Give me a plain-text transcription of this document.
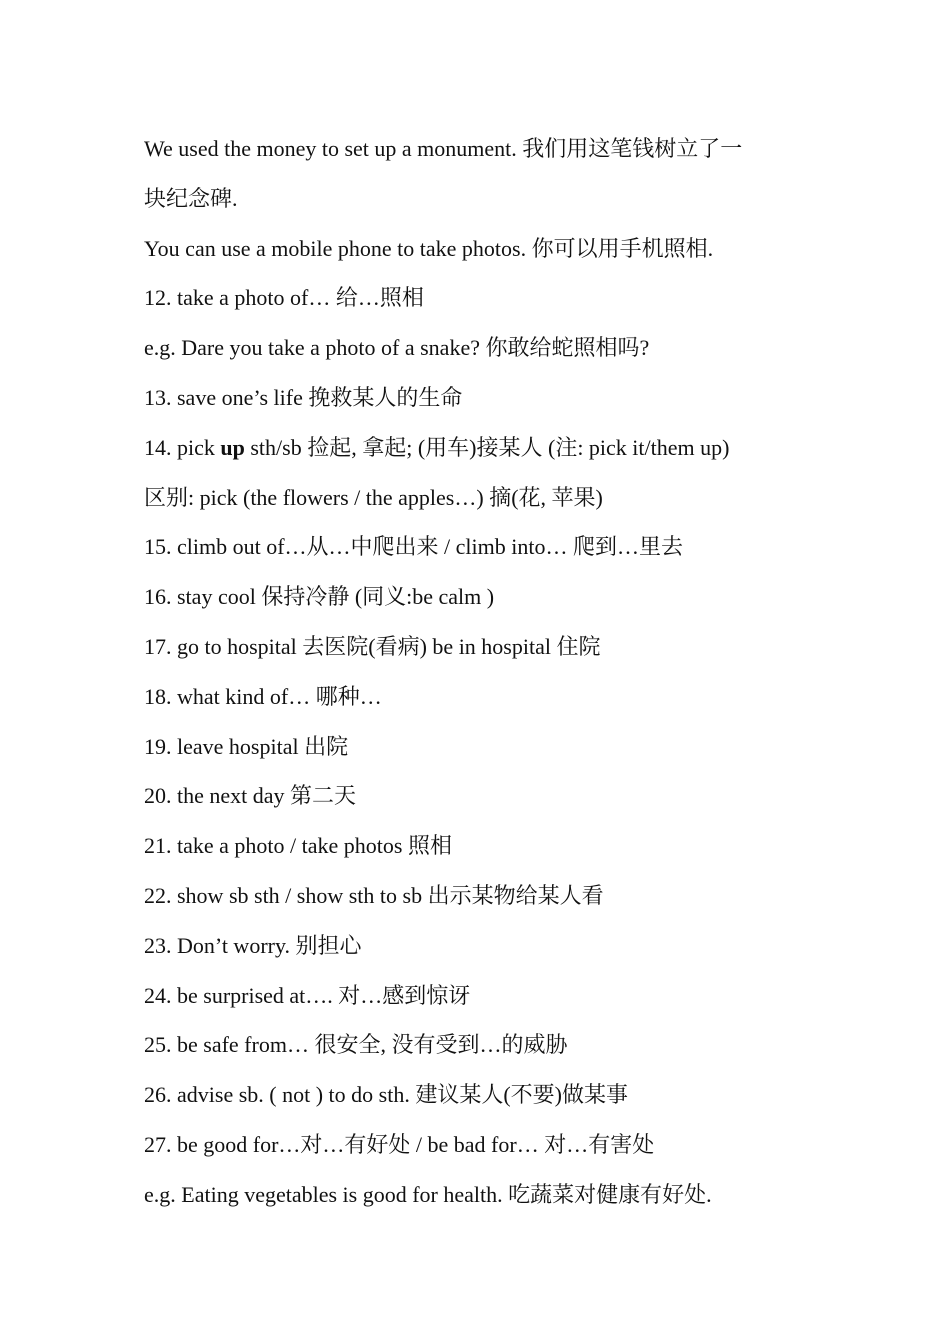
We used the money to set up a monument. 我们用这笔钱树立了一

块纪念碑.

You can use a mobile phone to take photos. 你可以用手机照相.

12. take a photo of… 给…照相

e.g. Dare you take a photo of a snake? 你敢给蛇照相吗?

13. save one’s life 挽救某人的生命

14. pick up sth/sb 捡起, 拿起; (用车)接某人 (注: pick it/them up)

区别: pick (the flowers / the apples…) 摘(花, 苹果)

15. climb out of…从…中爬出来 / climb into… 爬到…里去

16. stay cool 保持冷静 (同义:be calm )

17. go to hospital 去医院(看病) be in hospital 住院

18. what kind of… 哪种…

19. leave hospital 出院

20. the next day 第二天

21. take a photo / take photos 照相

22. show sb sth / show sth to sb 出示某物给某人看

23. Don’t worry. 别担心

24. be surprised at…. 对…感到惊讶

25. be safe from… 很安全, 没有受到…的威胁

26. advise sb. ( not ) to do sth. 建议某人(不要)做某事

27. be good for…对…有好处 / be bad for… 对…有害处

e.g. Eating vegetables is good for health. 吃蔬菜对健康有好处.
